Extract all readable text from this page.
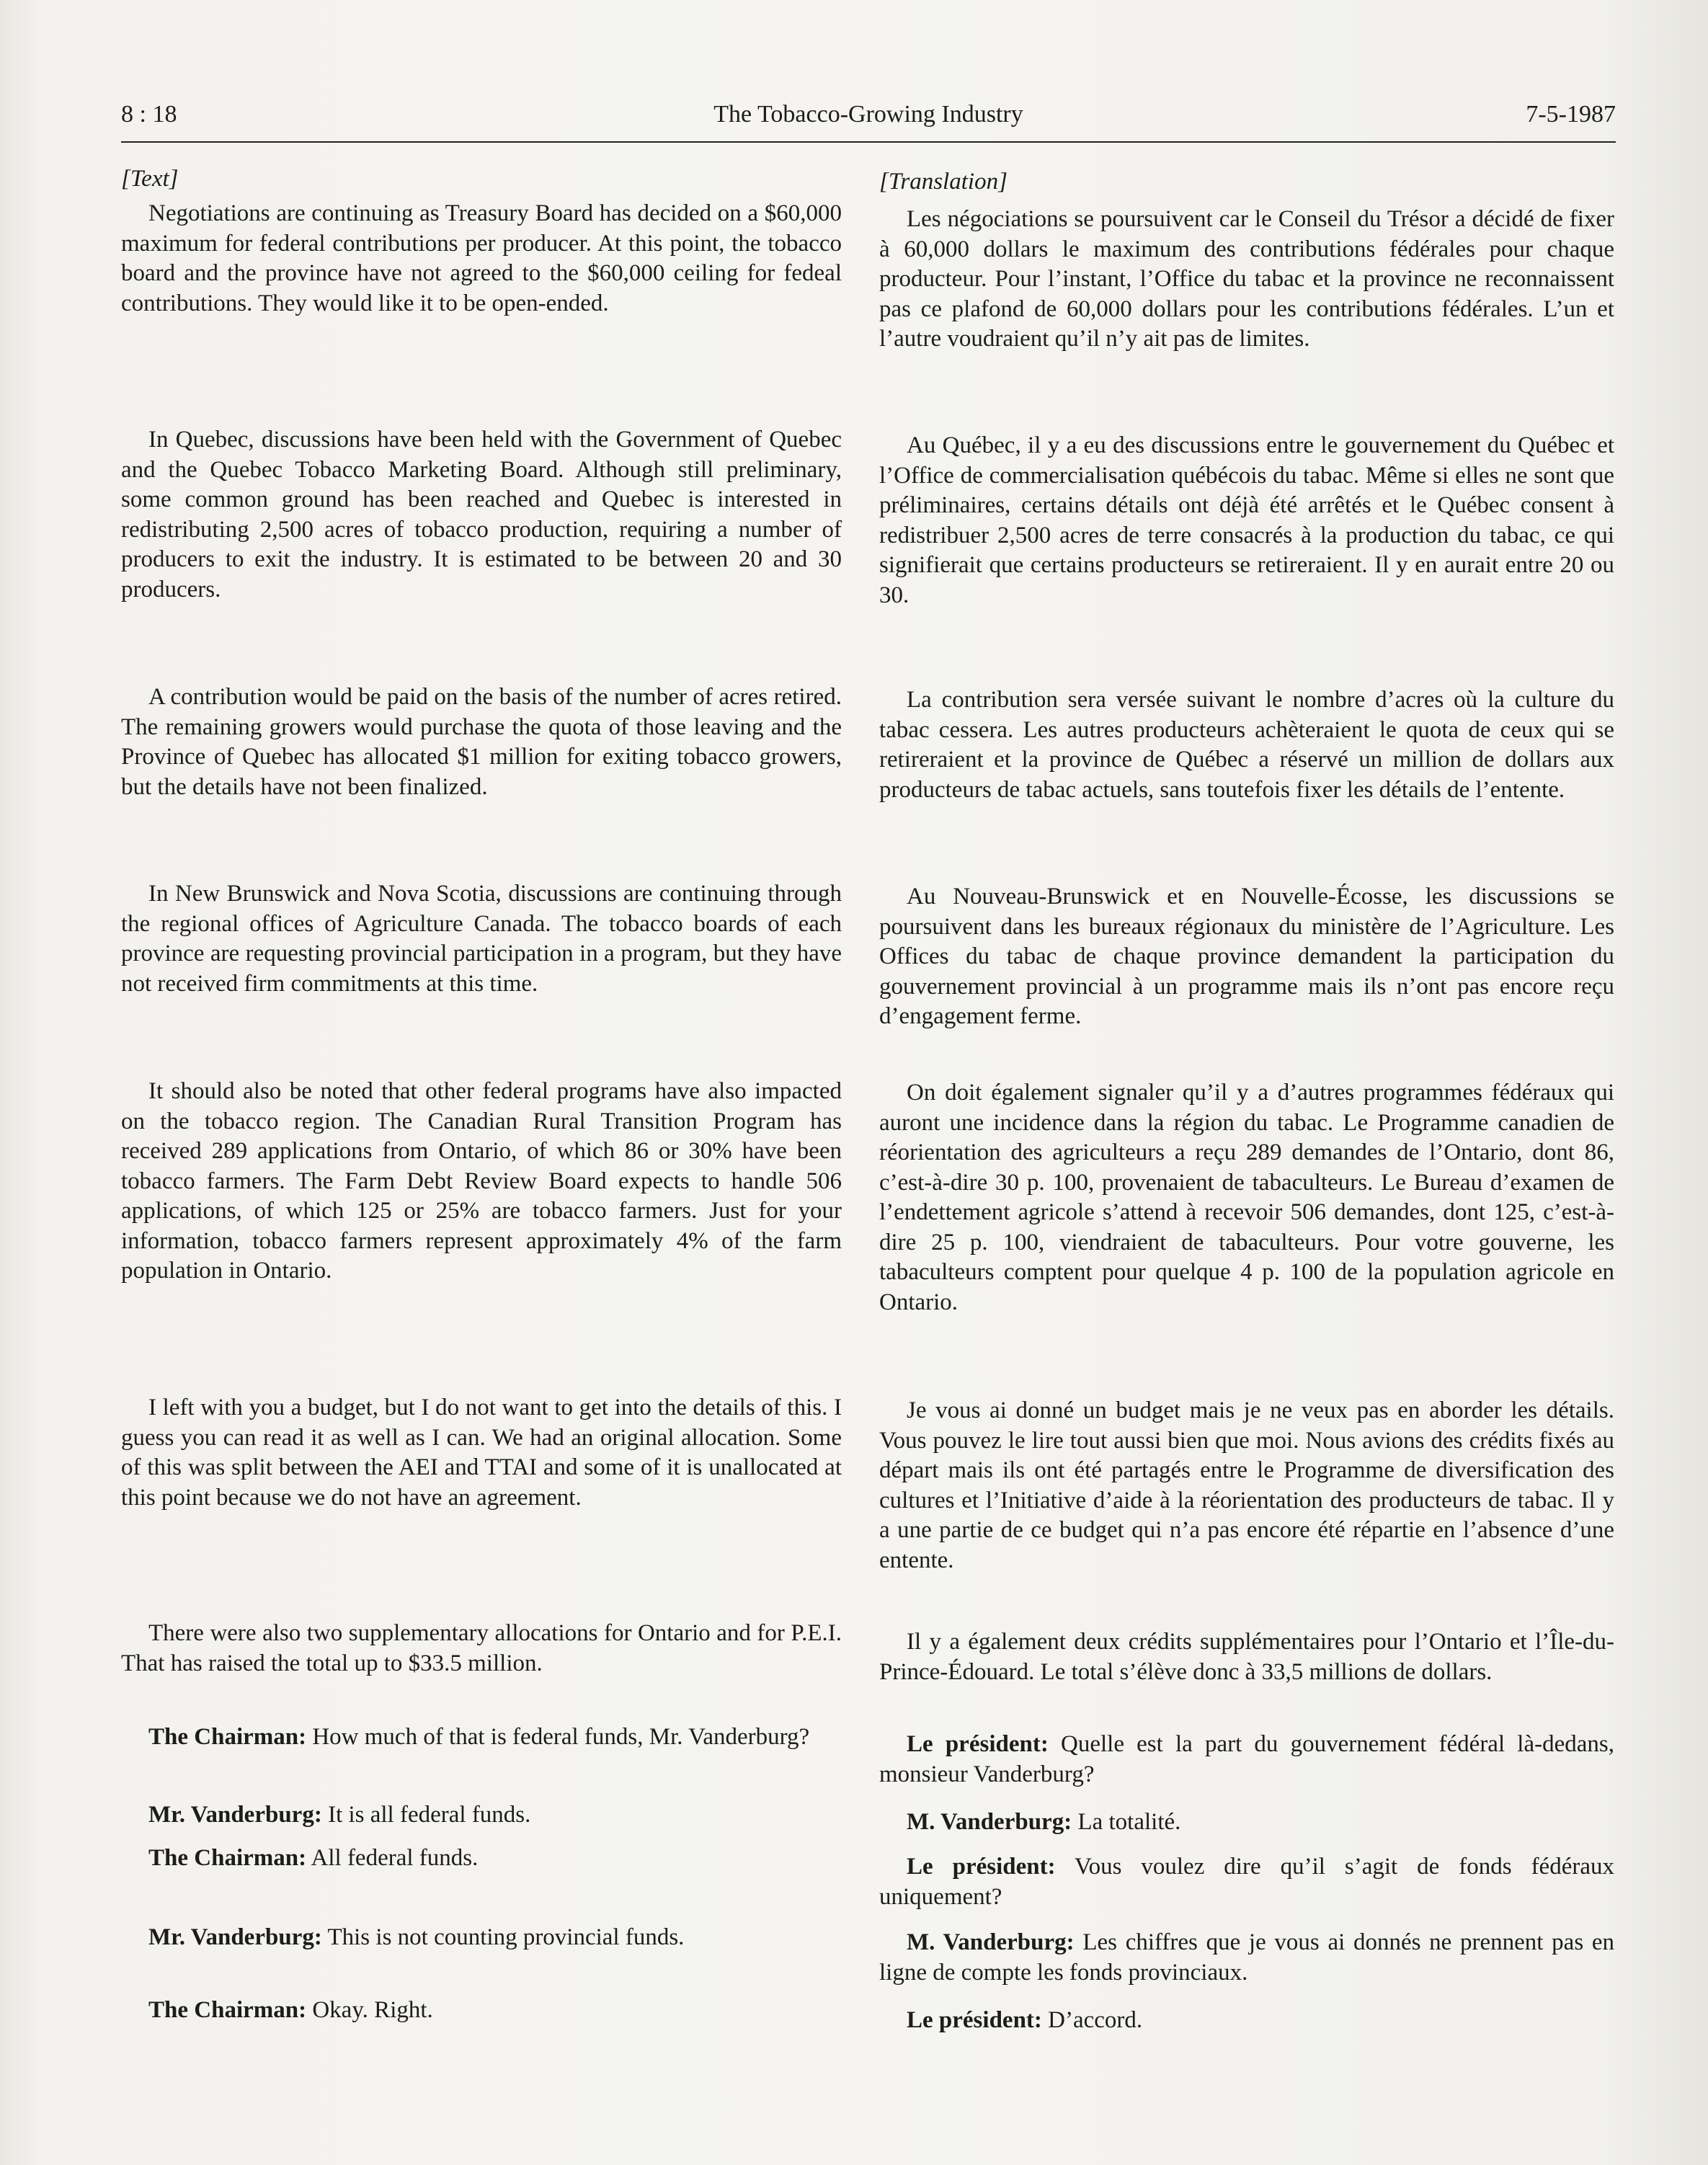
8 : 18	The Tobacco-Growing Industry	7-5-1987

[Text]

Negotiations are continuing as Treasury Board has decided on a $60,000 maximum for federal contributions per producer. At this point, the tobacco board and the province have not agreed to the $60,000 ceiling for fedeal contributions. They would like it to be open-ended.

In Quebec, discussions have been held with the Government of Quebec and the Quebec Tobacco Marketing Board. Although still preliminary, some common ground has been reached and Quebec is interested in redistributing 2,500 acres of tobacco production, requiring a number of producers to exit the industry. It is estimated to be between 20 and 30 producers.

A contribution would be paid on the basis of the number of acres retired. The remaining growers would purchase the quota of those leaving and the Province of Quebec has allocated $1 million for exiting tobacco growers, but the details have not been finalized.

In New Brunswick and Nova Scotia, discussions are continuing through the regional offices of Agriculture Canada. The tobacco boards of each province are requesting provincial participation in a program, but they have not received firm commitments at this time.

It should also be noted that other federal programs have also impacted on the tobacco region. The Canadian Rural Transition Program has received 289 applications from Ontario, of which 86 or 30% have been tobacco farmers. The Farm Debt Review Board expects to handle 506 applications, of which 125 or 25% are tobacco farmers. Just for your information, tobacco farmers represent approximately 4% of the farm population in Ontario.

I left with you a budget, but I do not want to get into the details of this. I guess you can read it as well as I can. We had an original allocation. Some of this was split between the AEI and TTAI and some of it is unallocated at this point because we do not have an agreement.

There were also two supplementary allocations for Ontario and for P.E.I. That has raised the total up to $33.5 million.

The Chairman: How much of that is federal funds, Mr. Vanderburg?

Mr. Vanderburg: It is all federal funds.

The Chairman: All federal funds.

Mr. Vanderburg: This is not counting provincial funds.

The Chairman: Okay. Right.

[Translation]

Les négociations se poursuivent car le Conseil du Trésor a décidé de fixer à 60,000 dollars le maximum des contributions fédérales pour chaque producteur. Pour l’instant, l’Office du tabac et la province ne reconnaissent pas ce plafond de 60,000 dollars pour les contributions fédérales. L’un et l’autre voudraient qu’il n’y ait pas de limites.

Au Québec, il y a eu des discussions entre le gouvernement du Québec et l’Office de commercialisation québécois du tabac. Même si elles ne sont que préliminaires, certains détails ont déjà été arrêtés et le Québec consent à redistribuer 2,500 acres de terre consacrés à la production du tabac, ce qui signifierait que certains producteurs se retireraient. Il y en aurait entre 20 ou 30.

La contribution sera versée suivant le nombre d’acres où la culture du tabac cessera. Les autres producteurs achèteraient le quota de ceux qui se retireraient et la province de Québec a réservé un million de dollars aux producteurs de tabac actuels, sans toutefois fixer les détails de l’entente.

Au Nouveau-Brunswick et en Nouvelle-Écosse, les discussions se poursuivent dans les bureaux régionaux du ministère de l’Agriculture. Les Offices du tabac de chaque province demandent la participation du gouvernement provincial à un programme mais ils n’ont pas encore reçu d’engagement ferme.

On doit également signaler qu’il y a d’autres programmes fédéraux qui auront une incidence dans la région du tabac. Le Programme canadien de réorientation des agriculteurs a reçu 289 demandes de l’Ontario, dont 86, c’est-à-dire 30 p. 100, provenaient de tabaculteurs. Le Bureau d’examen de l’endettement agricole s’attend à recevoir 506 demandes, dont 125, c’est-à-dire 25 p. 100, viendraient de tabaculteurs. Pour votre gouverne, les tabaculteurs comptent pour quelque 4 p. 100 de la population agricole en Ontario.

Je vous ai donné un budget mais je ne veux pas en aborder les détails. Vous pouvez le lire tout aussi bien que moi. Nous avions des crédits fixés au départ mais ils ont été partagés entre le Programme de diversification des cultures et l’Initiative d’aide à la réorientation des producteurs de tabac. Il y a une partie de ce budget qui n’a pas encore été répartie en l’absence d’une entente.

Il y a également deux crédits supplémentaires pour l’Ontario et l’Île-du-Prince-Édouard. Le total s’élève donc à 33,5 millions de dollars.

Le président: Quelle est la part du gouvernement fédéral là-dedans, monsieur Vanderburg?

M. Vanderburg: La totalité.

Le président: Vous voulez dire qu’il s’agit de fonds fédéraux uniquement?

M. Vanderburg: Les chiffres que je vous ai donnés ne prennent pas en ligne de compte les fonds provinciaux.

Le président: D’accord.
